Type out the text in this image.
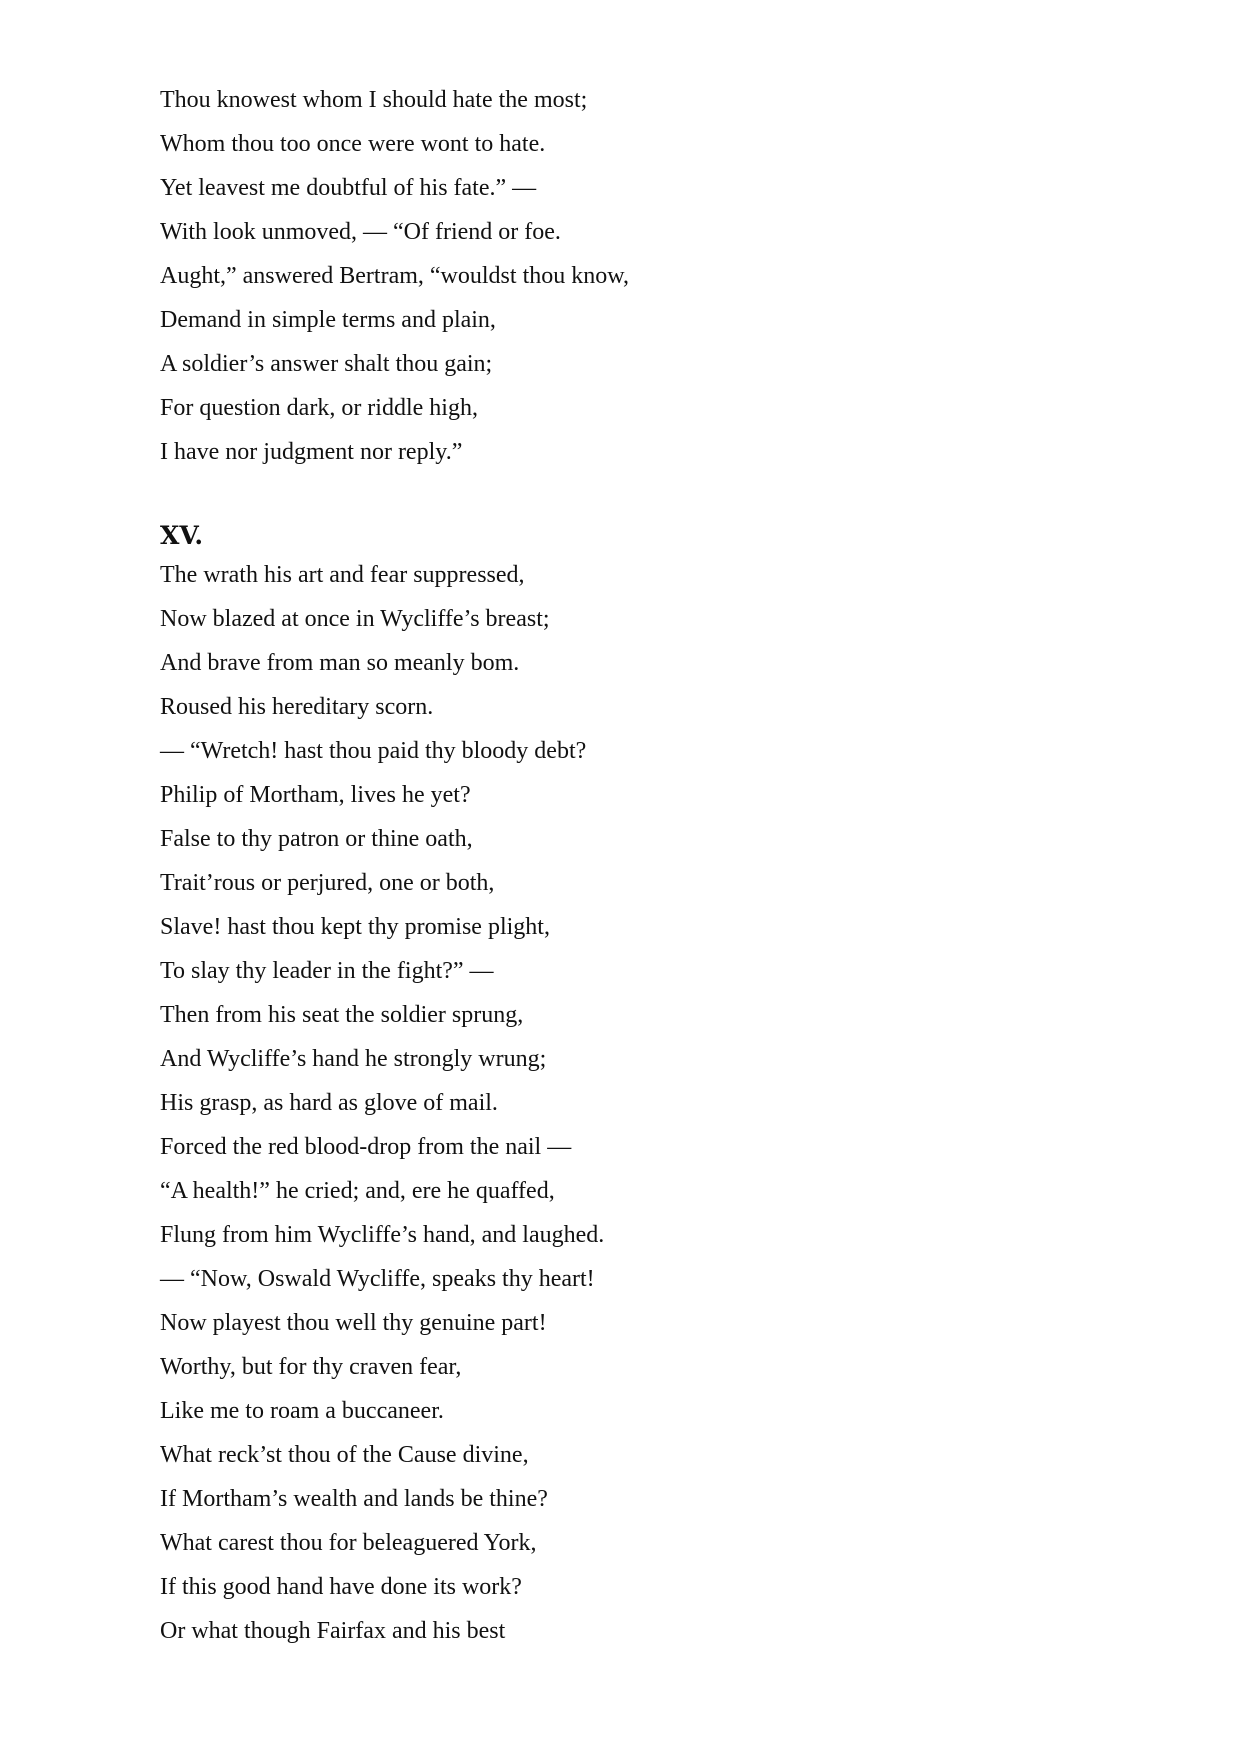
Thou knowest whom I should hate the most;
Whom thou too once were wont to hate.
Yet leavest me doubtful of his fate.” —
With look unmoved, — “Of friend or foe.
Aught,” answered Bertram, “wouldst thou know,
Demand in simple terms and plain,
A soldier’s answer shalt thou gain;
For question dark, or riddle high,
I have nor judgment nor reply.”
XV.
The wrath his art and fear suppressed,
Now blazed at once in Wycliffe’s breast;
And brave from man so meanly bom.
Roused his hereditary scorn.
— “Wretch! hast thou paid thy bloody debt?
Philip of Mortham, lives he yet?
False to thy patron or thine oath,
Trait’rous or perjured, one or both,
Slave! hast thou kept thy promise plight,
To slay thy leader in the fight?” —
Then from his seat the soldier sprung,
And Wycliffe’s hand he strongly wrung;
His grasp, as hard as glove of mail.
Forced the red blood-drop from the nail —
“A health!” he cried; and, ere he quaffed,
Flung from him Wycliffe’s hand, and laughed.
— “Now, Oswald Wycliffe, speaks thy heart!
Now playest thou well thy genuine part!
Worthy, but for thy craven fear,
Like me to roam a buccaneer.
What reck’st thou of the Cause divine,
If Mortham’s wealth and lands be thine?
What carest thou for beleaguered York,
If this good hand have done its work?
Or what though Fairfax and his best
